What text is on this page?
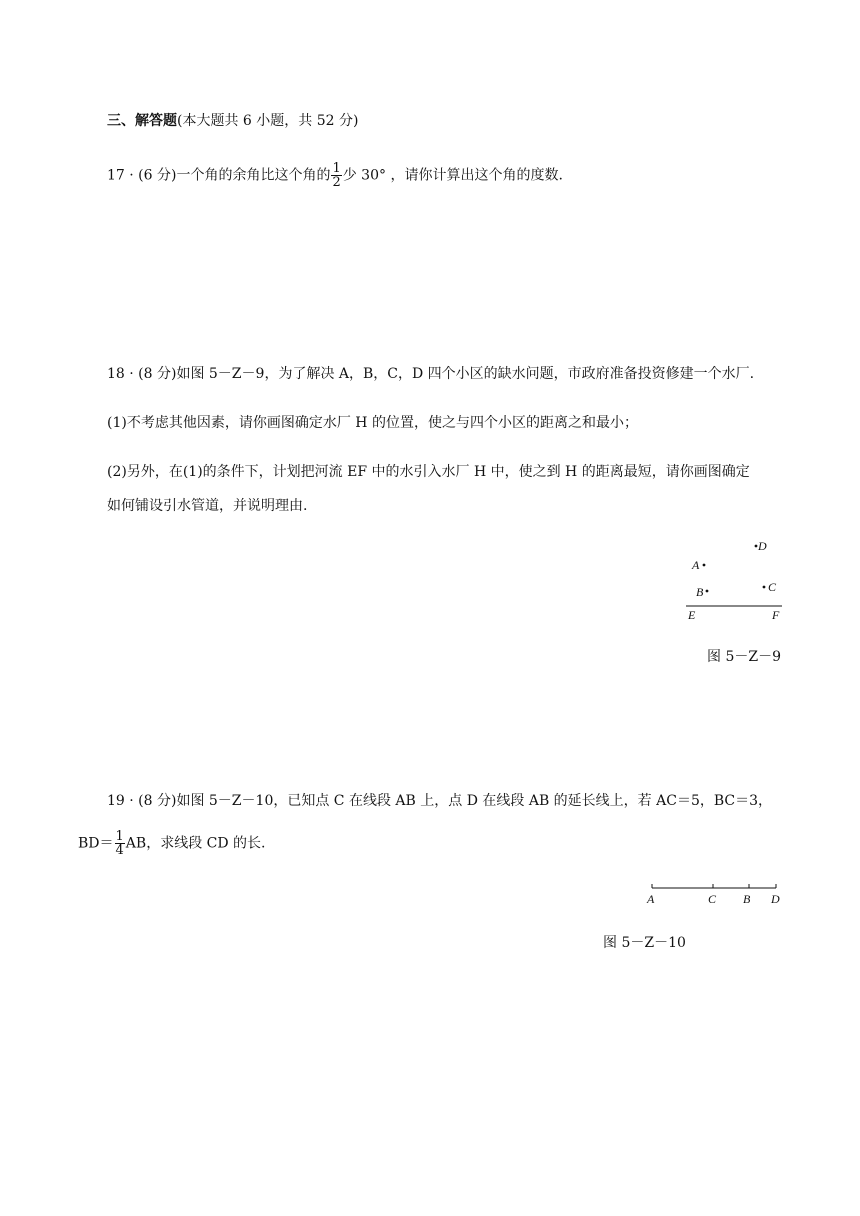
三、解答题(本大题共 6 小题，共 52 分)
17 · (6 分)一个角的余角比这个角的 $\frac{1}{2}$ 少 30° ，请你计算出这个角的度数.
18 · (8 分)如图 5－Z－9，为了解决 A，B，C，D 四个小区的缺水问题，市政府准备投资修建一个水厂.
(1)不考虑其他因素，请你画图确定水厂 H 的位置，使之与四个小区的距离之和最小；
(2)另外，在(1)的条件下，计划把河流 EF 中的水引入水厂 H 中，使之到 H 的距离最短，请你画图确定
如何铺设引水管道，并说明理由.
D
A
B	C
E	F
图 5－Z－9
19 · (8 分)如图 5－Z－10，已知点 C 在线段 AB 上，点 D 在线段 AB 的延长线上，若 AC＝5，BC＝3，
$BD= \frac{1}{4}$ AB，求线段 CD 的长.
A	C B D
图 5－Z－10
